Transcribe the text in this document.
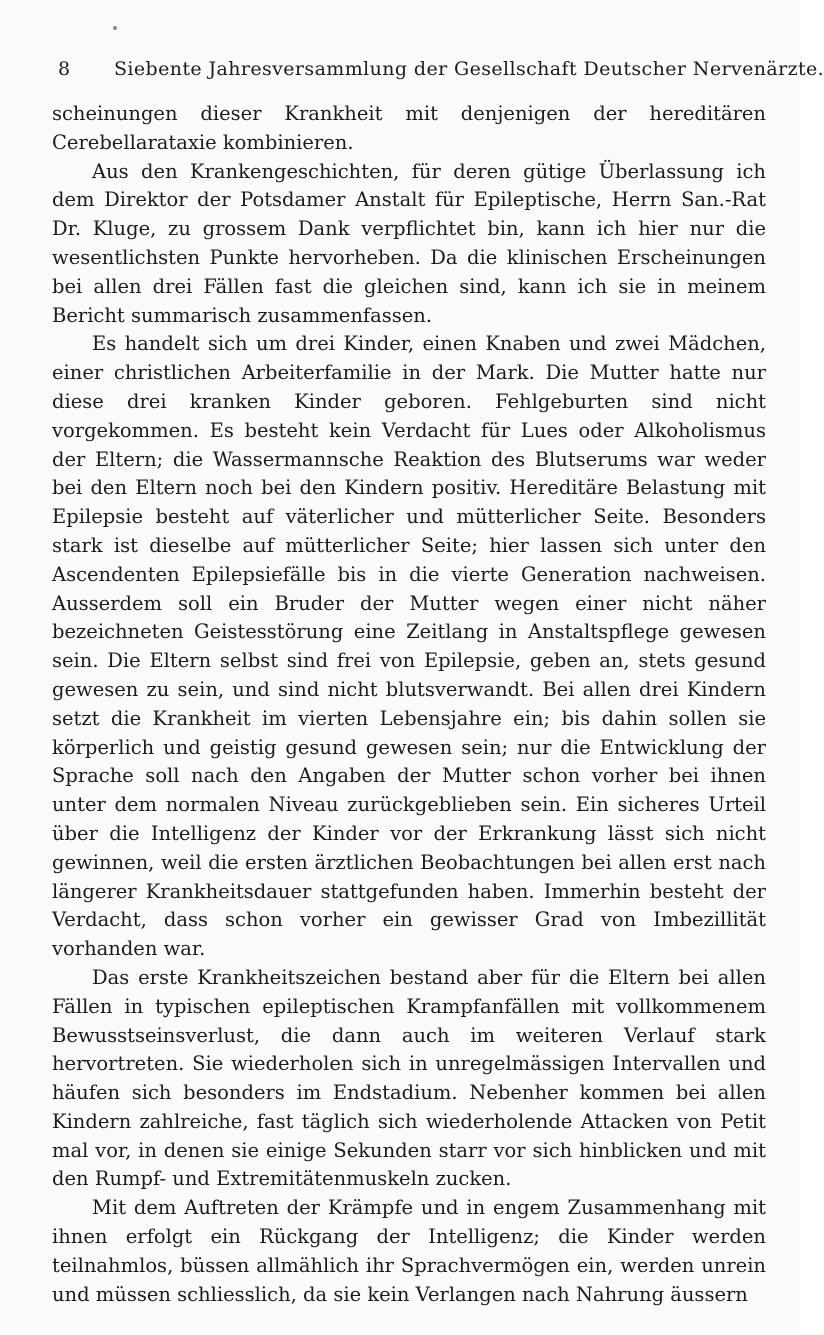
8 Siebente Jahresversammlung der Gesellschaft Deutscher Nervenärzte.

scheinungen dieser Krankheit mit denjenigen der hereditären Cerebellarataxie kombinieren.

Aus den Krankengeschichten, für deren gütige Überlassung ich dem Direktor der Potsdamer Anstalt für Epileptische, Herrn San.-Rat Dr. Kluge, zu grossem Dank verpflichtet bin, kann ich hier nur die wesentlichsten Punkte hervorheben. Da die klinischen Erscheinungen bei allen drei Fällen fast die gleichen sind, kann ich sie in meinem Bericht summarisch zusammenfassen.

Es handelt sich um drei Kinder, einen Knaben und zwei Mädchen, einer christlichen Arbeiterfamilie in der Mark. Die Mutter hatte nur diese drei kranken Kinder geboren. Fehlgeburten sind nicht vorgekommen. Es besteht kein Verdacht für Lues oder Alkoholismus der Eltern; die Wassermannsche Reaktion des Blutserums war weder bei den Eltern noch bei den Kindern positiv. Hereditäre Belastung mit Epilepsie besteht auf väterlicher und mütterlicher Seite. Besonders stark ist dieselbe auf mütterlicher Seite; hier lassen sich unter den Ascendenten Epilepsiefälle bis in die vierte Generation nachweisen. Ausserdem soll ein Bruder der Mutter wegen einer nicht näher bezeichneten Geistesstörung eine Zeitlang in Anstaltspflege gewesen sein. Die Eltern selbst sind frei von Epilepsie, geben an, stets gesund gewesen zu sein, und sind nicht blutsverwandt. Bei allen drei Kindern setzt die Krankheit im vierten Lebensjahre ein; bis dahin sollen sie körperlich und geistig gesund gewesen sein; nur die Entwicklung der Sprache soll nach den Angaben der Mutter schon vorher bei ihnen unter dem normalen Niveau zurückgeblieben sein. Ein sicheres Urteil über die Intelligenz der Kinder vor der Erkrankung lässt sich nicht gewinnen, weil die ersten ärztlichen Beobachtungen bei allen erst nach längerer Krankheitsdauer stattgefunden haben. Immerhin besteht der Verdacht, dass schon vorher ein gewisser Grad von Imbezillität vorhanden war.

Das erste Krankheitszeichen bestand aber für die Eltern bei allen Fällen in typischen epileptischen Krampfanfällen mit vollkommenem Bewusstseinsverlust, die dann auch im weiteren Verlauf stark hervortreten. Sie wiederholen sich in unregelmässigen Intervallen und häufen sich besonders im Endstadium. Nebenher kommen bei allen Kindern zahlreiche, fast täglich sich wiederholende Attacken von Petit mal vor, in denen sie einige Sekunden starr vor sich hinblicken und mit den Rumpf- und Extremitätenmuskeln zucken.

Mit dem Auftreten der Krämpfe und in engem Zusammenhang mit ihnen erfolgt ein Rückgang der Intelligenz; die Kinder werden teilnahmlos, büssen allmählich ihr Sprachvermögen ein, werden unrein und müssen schliesslich, da sie kein Verlangen nach Nahrung äussern
